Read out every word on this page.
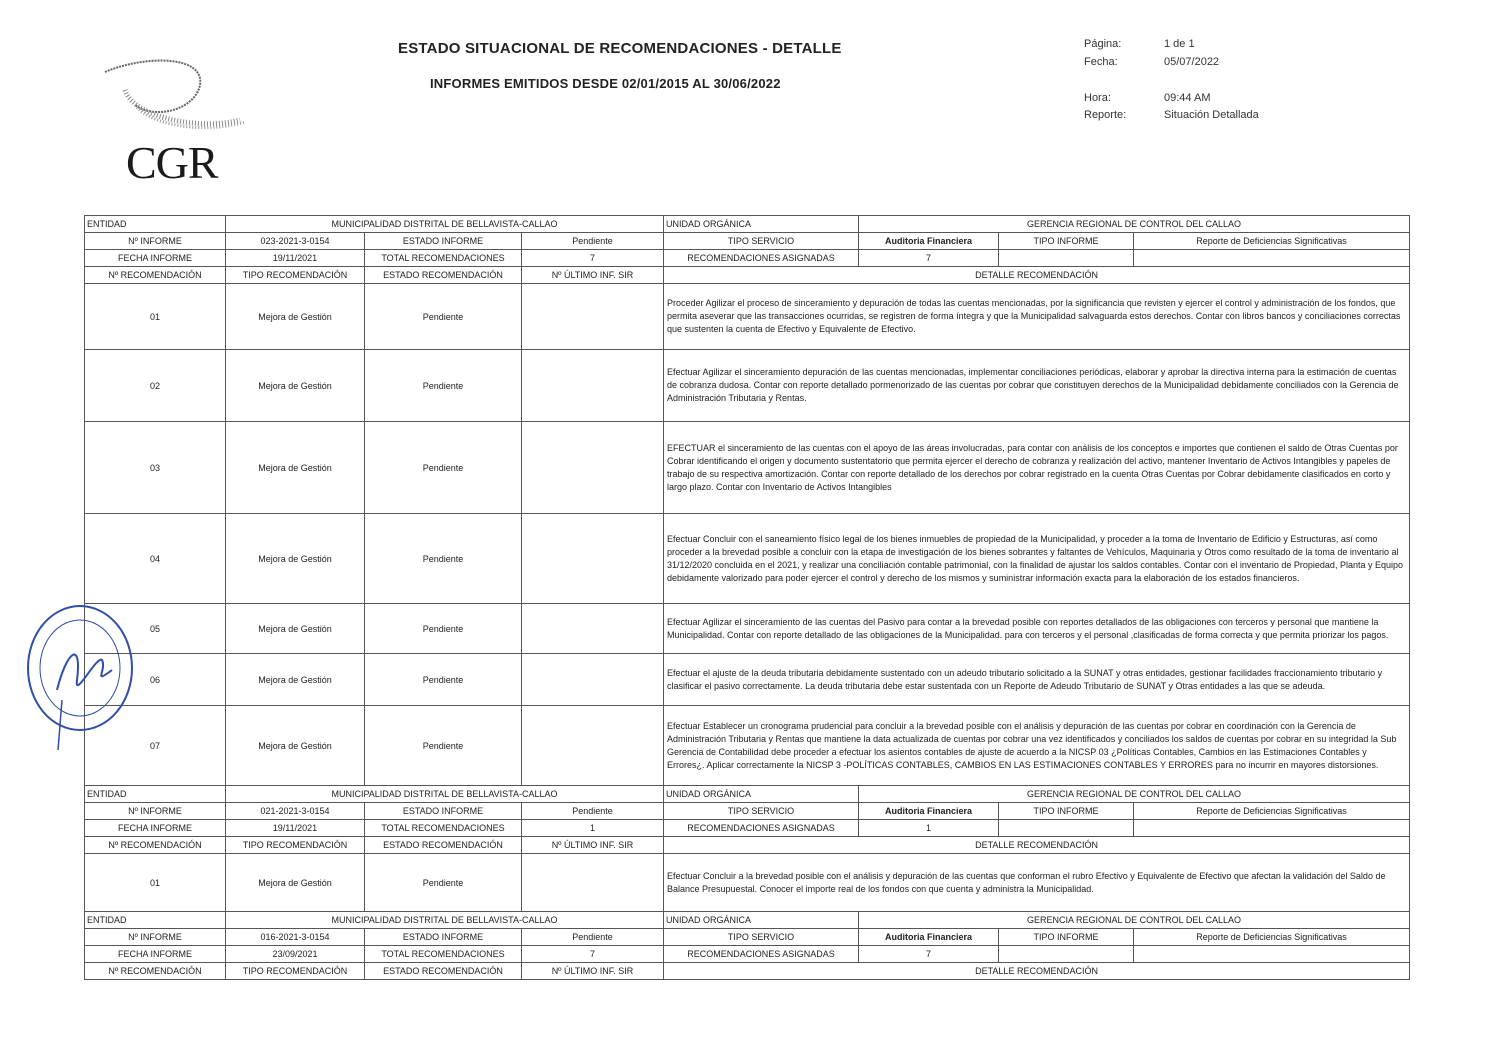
CGR
ESTADO SITUACIONAL DE RECOMENDACIONES - DETALLE
INFORMES EMITIDOS DESDE 02/01/2015 AL 30/06/2022
Página:	1 de 1
Fecha:	05/07/2022
Hora:	09:44 AM
Reporte:	Situación Detallada
ENTIDAD	MUNICIPALIDAD DISTRITAL DE BELLAVISTA-CALLAO			UNIDAD ORGÁNICA	GERENCIA REGIONAL DE CONTROL DEL CALLAO		
Nº INFORME	023-2021-3-0154	ESTADO INFORME	Pendiente	TIPO SERVICIO	Auditoria Financiera	TIPO INFORME	Reporte de Deficiencias Significativas
FECHA INFORME	19/11/2021	TOTAL RECOMENDACIONES	7	RECOMENDACIONES ASIGNADAS	7		
Nº RECOMENDACIÓN	TIPO RECOMENDACIÓN	ESTADO RECOMENDACIÓN	Nº ÚLTIMO INF. SIR	DETALLE RECOMENDACIÓN			
01	Mejora de Gestión	Pendiente		Proceder Agilizar el proceso de sinceramiento y depuración de todas las cuentas mencionadas, por la significancia que revisten y ejercer el control y administración de los fondos, que permita aseverar que las transacciones ocurridas, se registren de forma íntegra y que la Municipalidad salvaguarda estos derechos. Contar con libros bancos y conciliaciones correctas que sustenten la cuenta de Efectivo y Equivalente de Efectivo.			
02	Mejora de Gestión	Pendiente		Efectuar Agilizar el sinceramiento depuración de las cuentas mencionadas, implementar conciliaciones periódicas, elaborar y aprobar la directiva interna para la estimación de cuentas de cobranza dudosa. Contar con reporte detallado pormenorizado de las cuentas por cobrar que constituyen derechos de la Municipalidad debidamente conciliados con la Gerencia de Administración Tributaria y Rentas.			
03	Mejora de Gestión	Pendiente		EFECTUAR el sinceramiento de las cuentas con el apoyo de las áreas involucradas, para contar con análisis de los conceptos e importes que contienen el saldo de Otras Cuentas por Cobrar identificando el origen y documento sustentatorio que permita ejercer el derecho de cobranza y realización del activo, mantener Inventario de Activos Intangibles y papeles de trabajo de su respectiva amortización. Contar con reporte detallado de los derechos por cobrar registrado en la cuenta Otras Cuentas por Cobrar debidamente clasificados en corto y largo plazo. Contar con Inventario de Activos Intangibles			
04	Mejora de Gestión	Pendiente		Efectuar Concluir con el saneamiento físico legal de los bienes inmuebles de propiedad de la Municipalidad, y proceder a la toma de Inventario de Edificio y Estructuras, así como proceder a la brevedad posible a concluir con la etapa de investigación de los bienes sobrantes y faltantes de Vehículos, Maquinaria y Otros como resultado de la toma de inventario al 31/12/2020 concluida en el 2021, y realizar una conciliación contable patrimonial, con la finalidad de ajustar los saldos contables. Contar con el inventario de Propiedad, Planta y Equipo debidamente valorizado para poder ejercer el control y derecho de los mismos y suministrar información exacta para la elaboración de los estados financieros.			
05	Mejora de Gestión	Pendiente		Efectuar Agilizar el sinceramiento de las cuentas del Pasivo para contar a la brevedad posible con reportes detallados de las obligaciones con terceros y personal que mantiene la Municipalidad. Contar con reporte detallado de las obligaciones de la Municipalidad. para con terceros y el personal ,clasificadas de forma correcta y que permita priorizar los pagos.			
06	Mejora de Gestión	Pendiente		Efectuar el ajuste de la deuda tributaria debidamente sustentado con un adeudo tributario solicitado a la SUNAT y otras entidades, gestionar facilidades fraccionamiento tributario y clasificar el pasivo correctamente. La deuda tributaria debe estar sustentada con un Reporte de Adeudo Tributario de SUNAT y Otras entidades a las que se adeuda.			
07	Mejora de Gestión	Pendiente		Efectuar Establecer un cronograma prudencial para concluir a la brevedad posible con el análisis y depuración de las cuentas por cobrar en coordinación con la Gerencia de Administración Tributaria y Rentas que mantiene la data actualizada de cuentas por cobrar una vez identificados y conciliados los saldos de cuentas por cobrar en su integridad la Sub Gerencia de Contabilidad debe proceder a efectuar los asientos contables de ajuste de acuerdo a la NICSP 03 ¿Políticas Contables, Cambios en las Estimaciones Contables y Errores¿. Aplicar correctamente la NICSP 3 -POLÍTICAS CONTABLES, CAMBIOS EN LAS ESTIMACIONES CONTABLES Y ERRORES para no incurrir en mayores distorsiones.			
ENTIDAD	MUNICIPALIDAD DISTRITAL DE BELLAVISTA-CALLAO			UNIDAD ORGÁNICA	GERENCIA REGIONAL DE CONTROL DEL CALLAO		
Nº INFORME	021-2021-3-0154	ESTADO INFORME	Pendiente	TIPO SERVICIO	Auditoria Financiera	TIPO INFORME	Reporte de Deficiencias Significativas
FECHA INFORME	19/11/2021	TOTAL RECOMENDACIONES	1	RECOMENDACIONES ASIGNADAS	1		
Nº RECOMENDACIÓN	TIPO RECOMENDACIÓN	ESTADO RECOMENDACIÓN	Nº ÚLTIMO INF. SIR	DETALLE RECOMENDACIÓN			
01	Mejora de Gestión	Pendiente		Efectuar Concluir a la brevedad posible con el análisis y depuración de las cuentas que conforman el rubro Efectivo y Equivalente de Efectivo que afectan la validación del Saldo de Balance Presupuestal. Conocer el importe real de los fondos con que cuenta y administra la Municipalidad.			
ENTIDAD	MUNICIPALIDAD DISTRITAL DE BELLAVISTA-CALLAO			UNIDAD ORGÁNICA	GERENCIA REGIONAL DE CONTROL DEL CALLAO		
Nº INFORME	016-2021-3-0154	ESTADO INFORME	Pendiente	TIPO SERVICIO	Auditoria Financiera	TIPO INFORME	Reporte de Deficiencias Significativas
FECHA INFORME	23/09/2021	TOTAL RECOMENDACIONES	7	RECOMENDACIONES ASIGNADAS	7		
Nº RECOMENDACIÓN	TIPO RECOMENDACIÓN	ESTADO RECOMENDACIÓN	Nº ÚLTIMO INF. SIR	DETALLE RECOMENDACIÓN			
